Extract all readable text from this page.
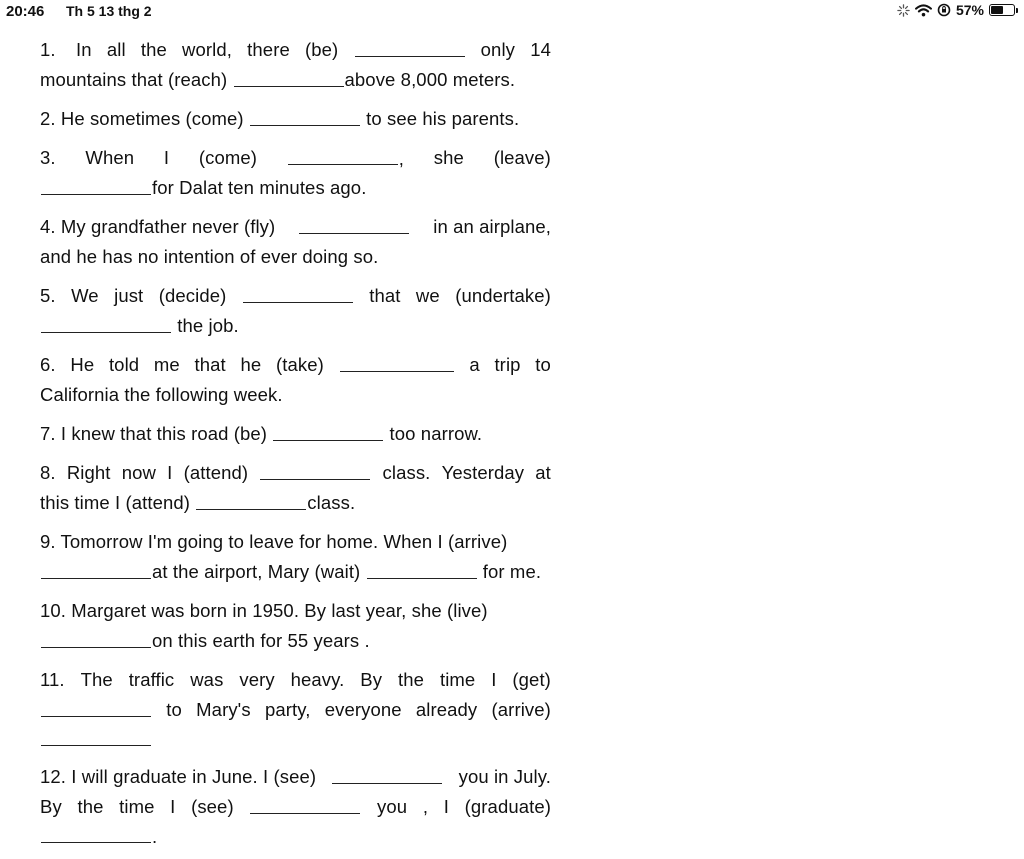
20:46 Th 5 13 thg 2	57%
1. In all the world, there (be)	only 14
mountains that (reach)	above 8,000 meters.
2. He sometimes (come)	to see his parents.
3. When I (come)	, she (leave)
for Dalat ten minutes ago.
4. My grandfather never (fly)	in an airplane,
and he has no intention of ever doing so.
5. We just (decide)	that we (undertake)
the job.
6. He told me that he (take)	a trip to
California the following week.
7. I knew that this road (be)	too narrow.
8. Right now I (attend)	class. Yesterday at
this time I (attend)	class.
9. Tomorrow I'm going to leave for home. When I (arrive)
at the airport, Mary (wait)	for me.
10. Margaret was born in 1950. By last year, she (live)
on this earth for 55 years .
11. The traffic was very heavy. By the time I (get)
to Mary's party, everyone already (arrive)
12. I will graduate in June. I (see)	you in July.
By the time I (see)	you , I (graduate)
.
